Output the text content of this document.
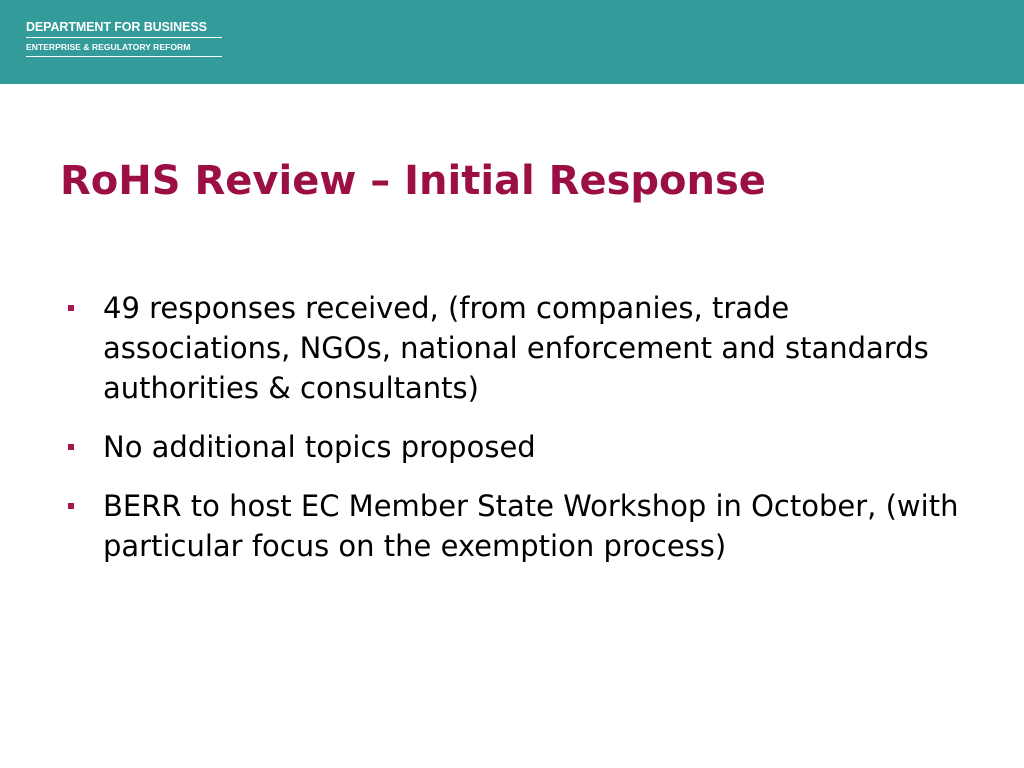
DEPARTMENT FOR BUSINESS
ENTERPRISE & REGULATORY REFORM
RoHS Review – Initial Response
49 responses received, (from companies, trade associations, NGOs, national enforcement and standards authorities & consultants)
No additional topics proposed
BERR to host EC Member State Workshop in October, (with particular focus on the exemption process)
